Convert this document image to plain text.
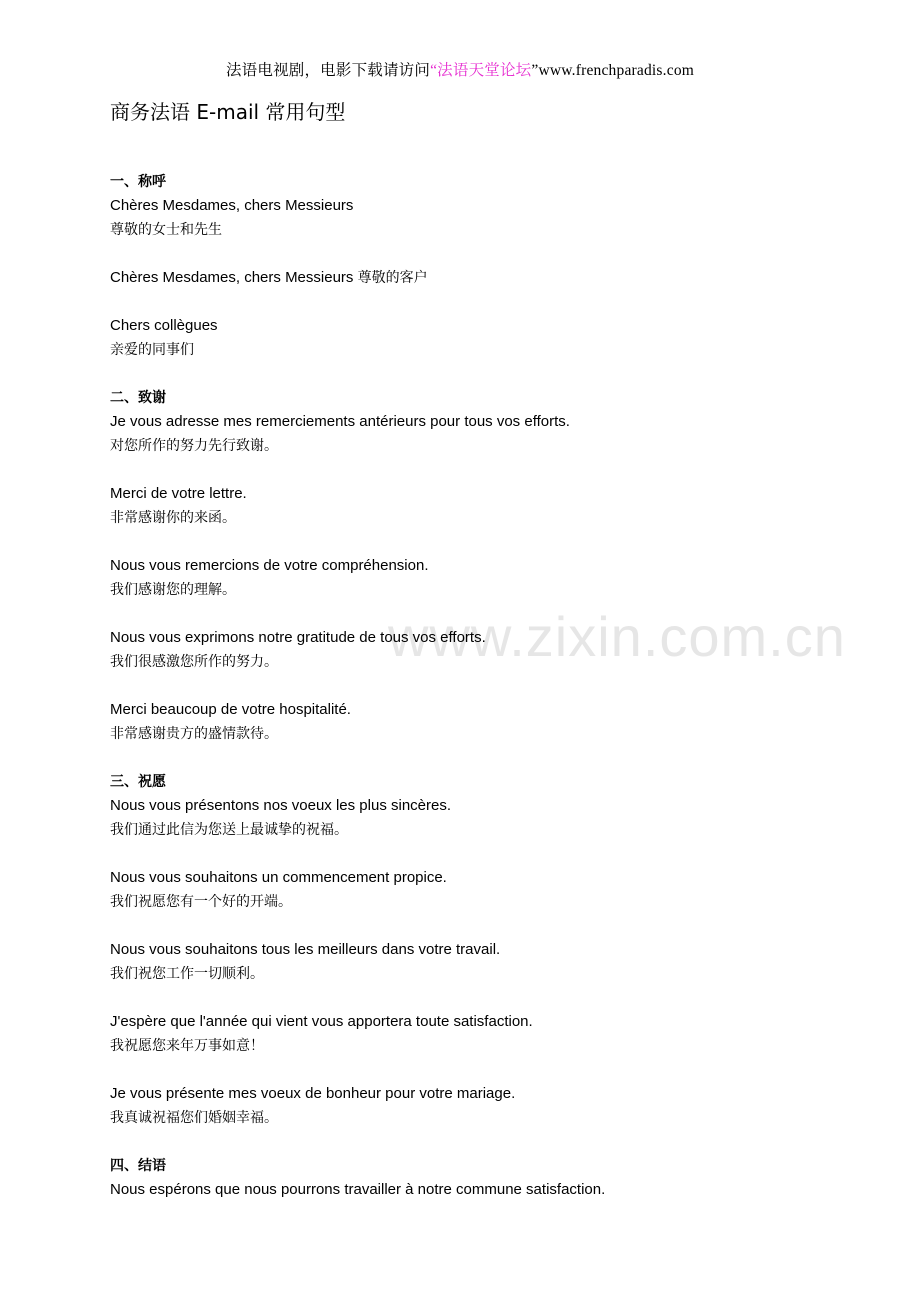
法语电视剧，电影下载请访问“法语天堂论坛”www.frenchparadis.com
www.zixin.com.cn
商务法语 E-mail 常用句型
一、称呼
Chères Mesdames, chers Messieurs
尊敬的女士和先生
Chères Mesdames, chers Messieurs 尊敬的客户
Chers collègues
亲爱的同事们
二、致谢
Je vous adresse mes remerciements antérieurs pour tous vos efforts.
对您所作的努力先行致谢。
Merci de votre lettre.
非常感谢你的来函。
Nous vous remercions de votre compréhension.
我们感谢您的理解。
Nous vous exprimons notre gratitude de tous vos efforts.
我们很感激您所作的努力。
Merci beaucoup de votre hospitalité.
非常感谢贵方的盛情款待。
三、祝愿
Nous vous présentons nos voeux les plus sincères.
我们通过此信为您送上最诚挚的祝福。
Nous vous souhaitons un commencement propice.
我们祝愿您有一个好的开端。
Nous vous souhaitons tous les meilleurs dans votre travail.
我们祝您工作一切顺利。
J'espère que l'année qui vient vous apportera toute satisfaction.
我祝愿您来年万事如意！
Je vous présente mes voeux de bonheur pour votre mariage.
我真诚祝福您们婚姻幸福。
四、结语
Nous espérons que nous pourrons travailler à notre commune satisfaction.
